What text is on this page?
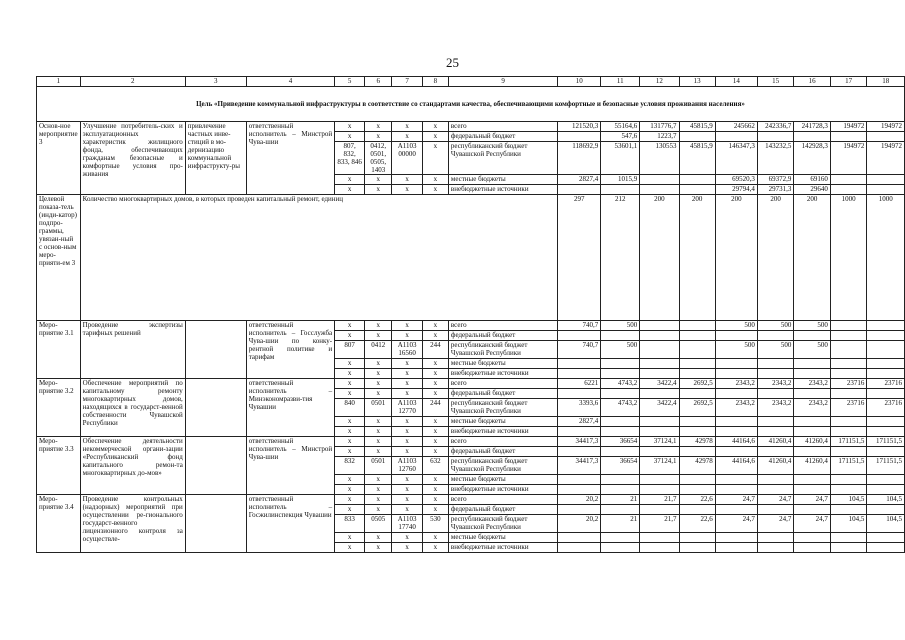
25
1	2	3	4	5	6	7	8	9	10	11	12	13	14	15	16	17	18
Цель «Приведение коммунальной инфраструктуры в соответствие со стандартами качества, обеспечивающими комфортные и безопасные условия проживания населения»																	
Основ-ное мероприятие 3	Улучшение потребитель-ских и эксплуатационных характеристик жилищного фонда, обеспечивающих гражданам безопасные и комфортные условия про-живания	привлечение частных инве-стиций в мо-дернизацию коммунальной инфраструкту-ры	ответственный исполнитель – Минстрой Чува-шии	x	x	x	x	всего	121520,3	55164,6	131776,7	45815,9	245662	242336,7	241728,3	194972	194972
				x	x	x	x	федеральный бюджет		547,6	1223,7						
				807, 832, 833, 846	0412, 0501, 0505, 1403	A1103 00000	x	республиканский бюджет Чувашской Республики	118692,9	53601,1	130553	45815,9	146347,3	143232,5	142928,3	194972	194972
				x	x	x	x	местные бюджеты	2827,4	1015,9			69520,3	69372,9	69160		
				x	x	x	x	внебюджетные источники					29794,4	29731,3	29640		
Целевой показа-тель (инди-катор) подпро-граммы, увязан-ный с основ-ным меро-прияти-ем 3	Количество многоквартирных домов, в которых проведен капитальный ремонт, единиц								297	212	200	200	200	200	200	1000	1000
Меро-приятие 3.1	Проведение экспертизы тарифных решений		ответственный исполнитель – Госслужба Чува-шии по конку-рентной политике и тарифам	x	x	x	x	всего	740,7	500			500	500	500		
				x	x	x	x	федеральный бюджет									
				807	0412	A1103 16560	244	республиканский бюджет Чувашской Республики	740,7	500			500	500	500		
				x	x	x	x	местные бюджеты									
				x	x	x	x	внебюджетные источники									
Меро-приятие 3.2	Обеспечение мероприятий по капитальному ремонту многоквартирных домов, находящихся в государст-венной собственности Чувашской Республики		ответственный исполнитель – Минэкономразви-тия Чувашии	x	x	x	x	всего	6221	4743,2	3422,4	2692,5	2343,2	2343,2	2343,2	23716	23716
				x	x	x	x	федеральный бюджет									
				840	0501	A1103 12770	244	республиканский бюджет Чувашской Республики	3393,6	4743,2	3422,4	2692,5	2343,2	2343,2	2343,2	23716	23716
				x	x	x	x	местные бюджеты	2827,4								
				x	x	x	x	внебюджетные источники									
Меро-приятие 3.3	Обеспечение деятельности некоммерческой органи-зации «Республиканский фонд капитального ремон-та многоквартирных до-мов»		ответственный исполнитель – Минстрой Чува-шии	x	x	x	x	всего	34417,3	36654	37124,1	42978	44164,6	41260,4	41260,4	171151,5	171151,5
				x	x	x	x	федеральный бюджет									
				832	0501	A1103 12760	632	республиканский бюджет Чувашской Республики	34417,3	36654	37124,1	42978	44164,6	41260,4	41260,4	171151,5	171151,5
				x	x	x	x	местные бюджеты									
				x	x	x	x	внебюджетные источники									
Меро-приятие 3.4	Проведение контрольных (надзорных) мероприятий при осуществлении ре-гионального государст-венного лицензионного контроля за осуществле-		ответственный исполнитель – Госжилинспекция Чувашии	x	x	x	x	всего	20,2	21	21,7	22,6	24,7	24,7	24,7	104,5	104,5
				x	x	x	x	федеральный бюджет									
				833	0505	A1103 17740	530	республиканский бюджет Чувашской Республики	20,2	21	21,7	22,6	24,7	24,7	24,7	104,5	104,5
				x	x	x	x	местные бюджеты									
				x	x	x	x	внебюджетные источники									
